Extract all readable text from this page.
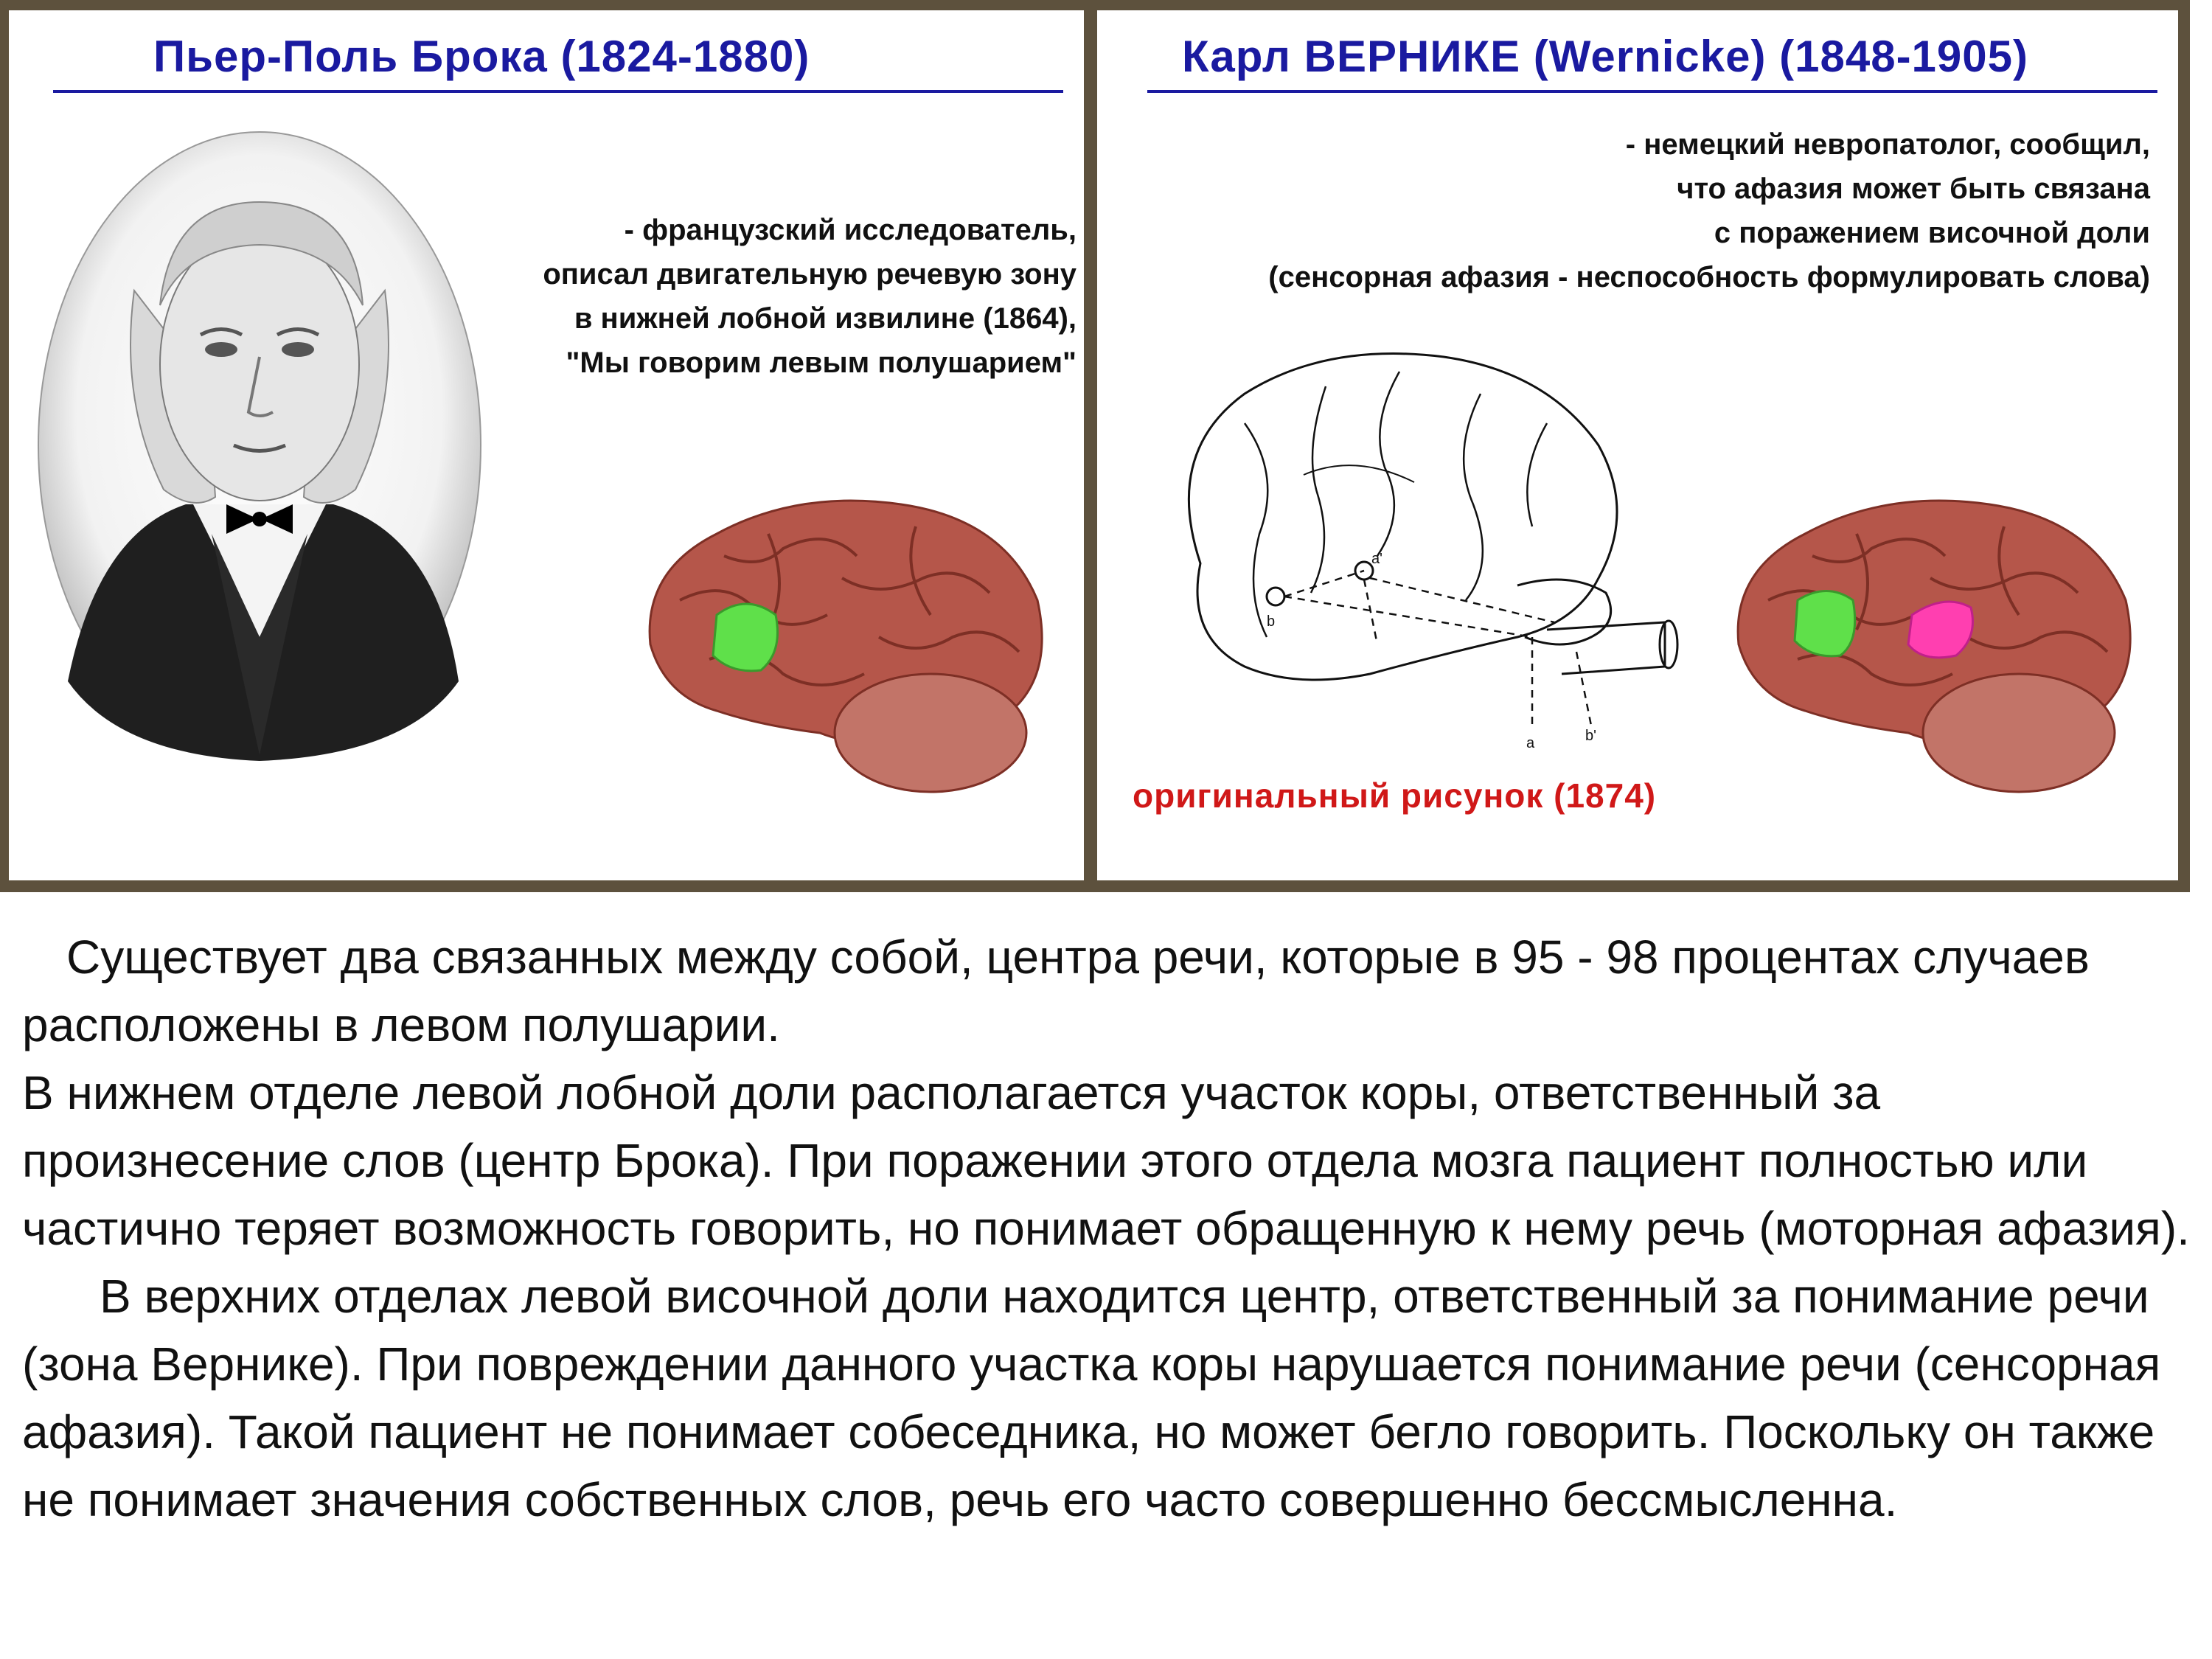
Пьер-Поль Брока (1824-1880)
- французский исследователь,
описал двигательную речевую зону
в нижней лобной извилине (1864),
"Мы говорим левым полушарием"
Карл ВЕРНИКЕ (Wernicke) (1848-1905)
- немецкий невропатолог, сообщил,
что афазия может быть связана
с поражением височной доли
(сенсорная афазия - неспособность формулировать слова)
a'
b
a	b'
оригинальный рисунок (1874)

Существует два связанных между собой, центра речи, которые в 95 - 98 процентах случаев расположены в левом полушарии.

В нижнем отделе левой лобной доли располагается участок коры, ответственный за произнесение слов (центр Брока). При поражении этого отдела мозга пациент полностью или частично теряет возможность говорить, но понимает обращенную к нему речь (моторная афазия).

В верхних отделах левой височной доли находится центр, ответственный за понимание речи (зона Вернике). При повреждении данного участка коры нарушается понимание речи (сенсорная афазия). Такой пациент не понимает собеседника, но может бегло говорить. Поскольку он также не понимает значения собственных слов, речь его часто совершенно бессмысленна.
